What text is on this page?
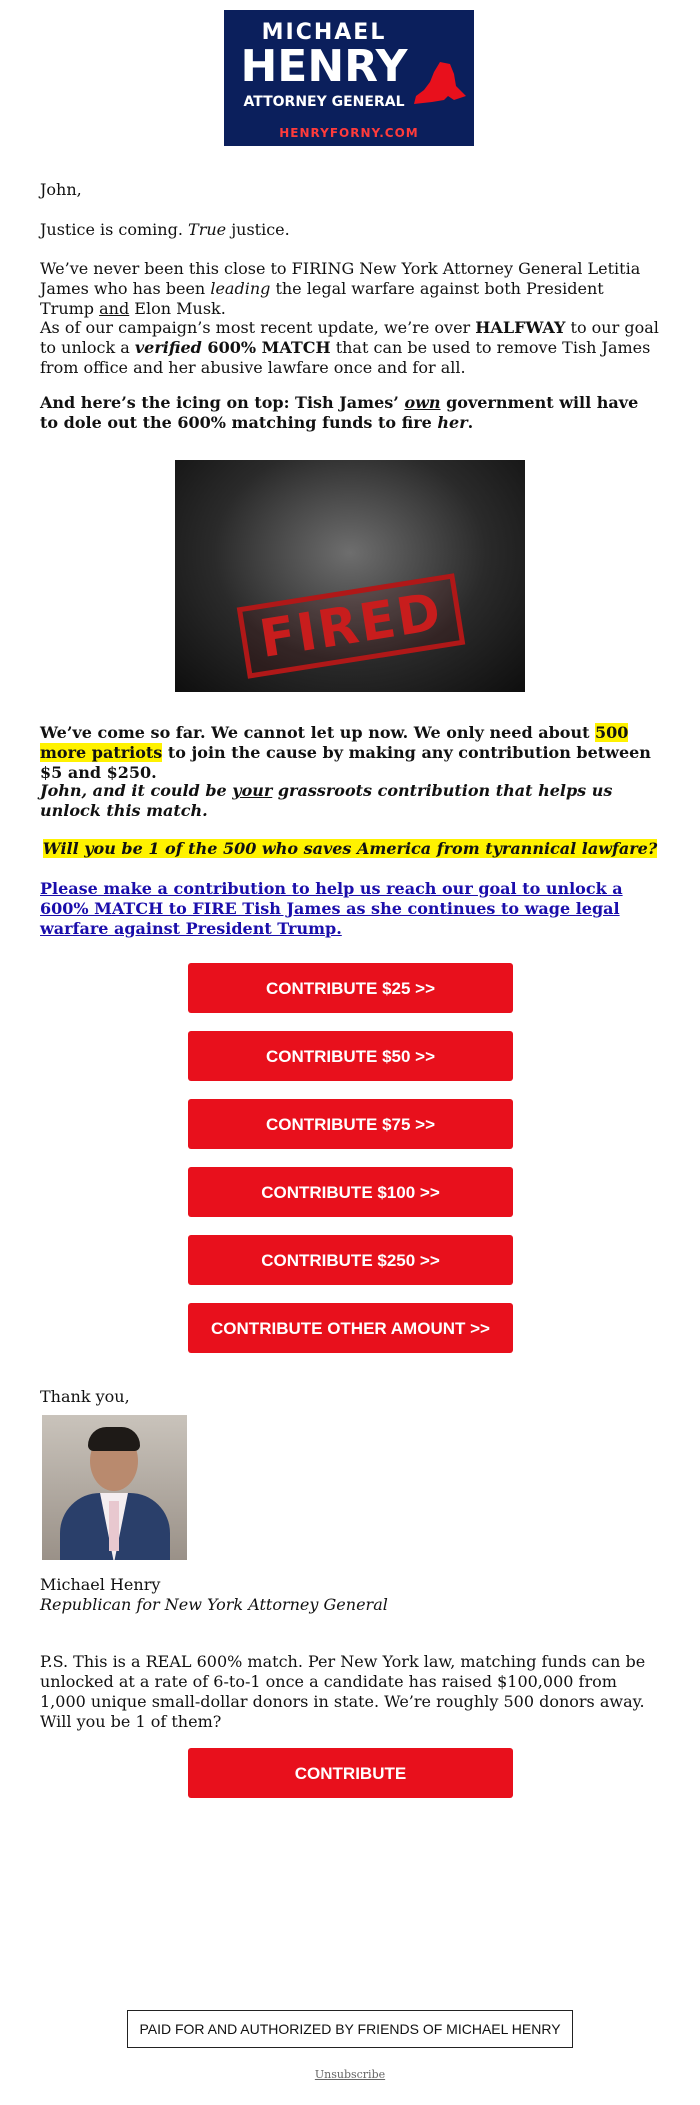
MICHAEL
HENRY
ATTORNEY GENERAL
HENRYFORNY.COM
John,
Justice is coming. True justice.
We’ve never been this close to FIRING New York Attorney General Letitia James who has been leading the legal warfare against both President Trump and Elon Musk.
As of our campaign’s most recent update, we’re over HALFWAY to our goal to unlock a verified 600% MATCH that can be used to remove Tish James from office and her abusive lawfare once and for all.
And here’s the icing on top: Tish James’ own government will have to dole out the 600% matching funds to fire her.
FIRED
We’ve come so far. We cannot let up now. We only need about 500 more patriots to join the cause by making any contribution between $5 and $250.
John, and it could be your grassroots contribution that helps us unlock this match.
Will you be 1 of the 500 who saves America from tyrannical lawfare?
Please make a contribution to help us reach our goal to unlock a 600% MATCH to FIRE Tish James as she continues to wage legal warfare against President Trump.
CONTRIBUTE $25 >>
CONTRIBUTE $50 >>
CONTRIBUTE $75 >>
CONTRIBUTE $100 >>
CONTRIBUTE $250 >>
CONTRIBUTE OTHER AMOUNT >>
Thank you,
Michael Henry
Republican for New York Attorney General
P.S. This is a REAL 600% match. Per New York law, matching funds can be unlocked at a rate of 6-to-1 once a candidate has raised $100,000 from 1,000 unique small-dollar donors in state. We’re roughly 500 donors away. Will you be 1 of them?
CONTRIBUTE
PAID FOR AND AUTHORIZED BY FRIENDS OF MICHAEL HENRY
Unsubscribe
